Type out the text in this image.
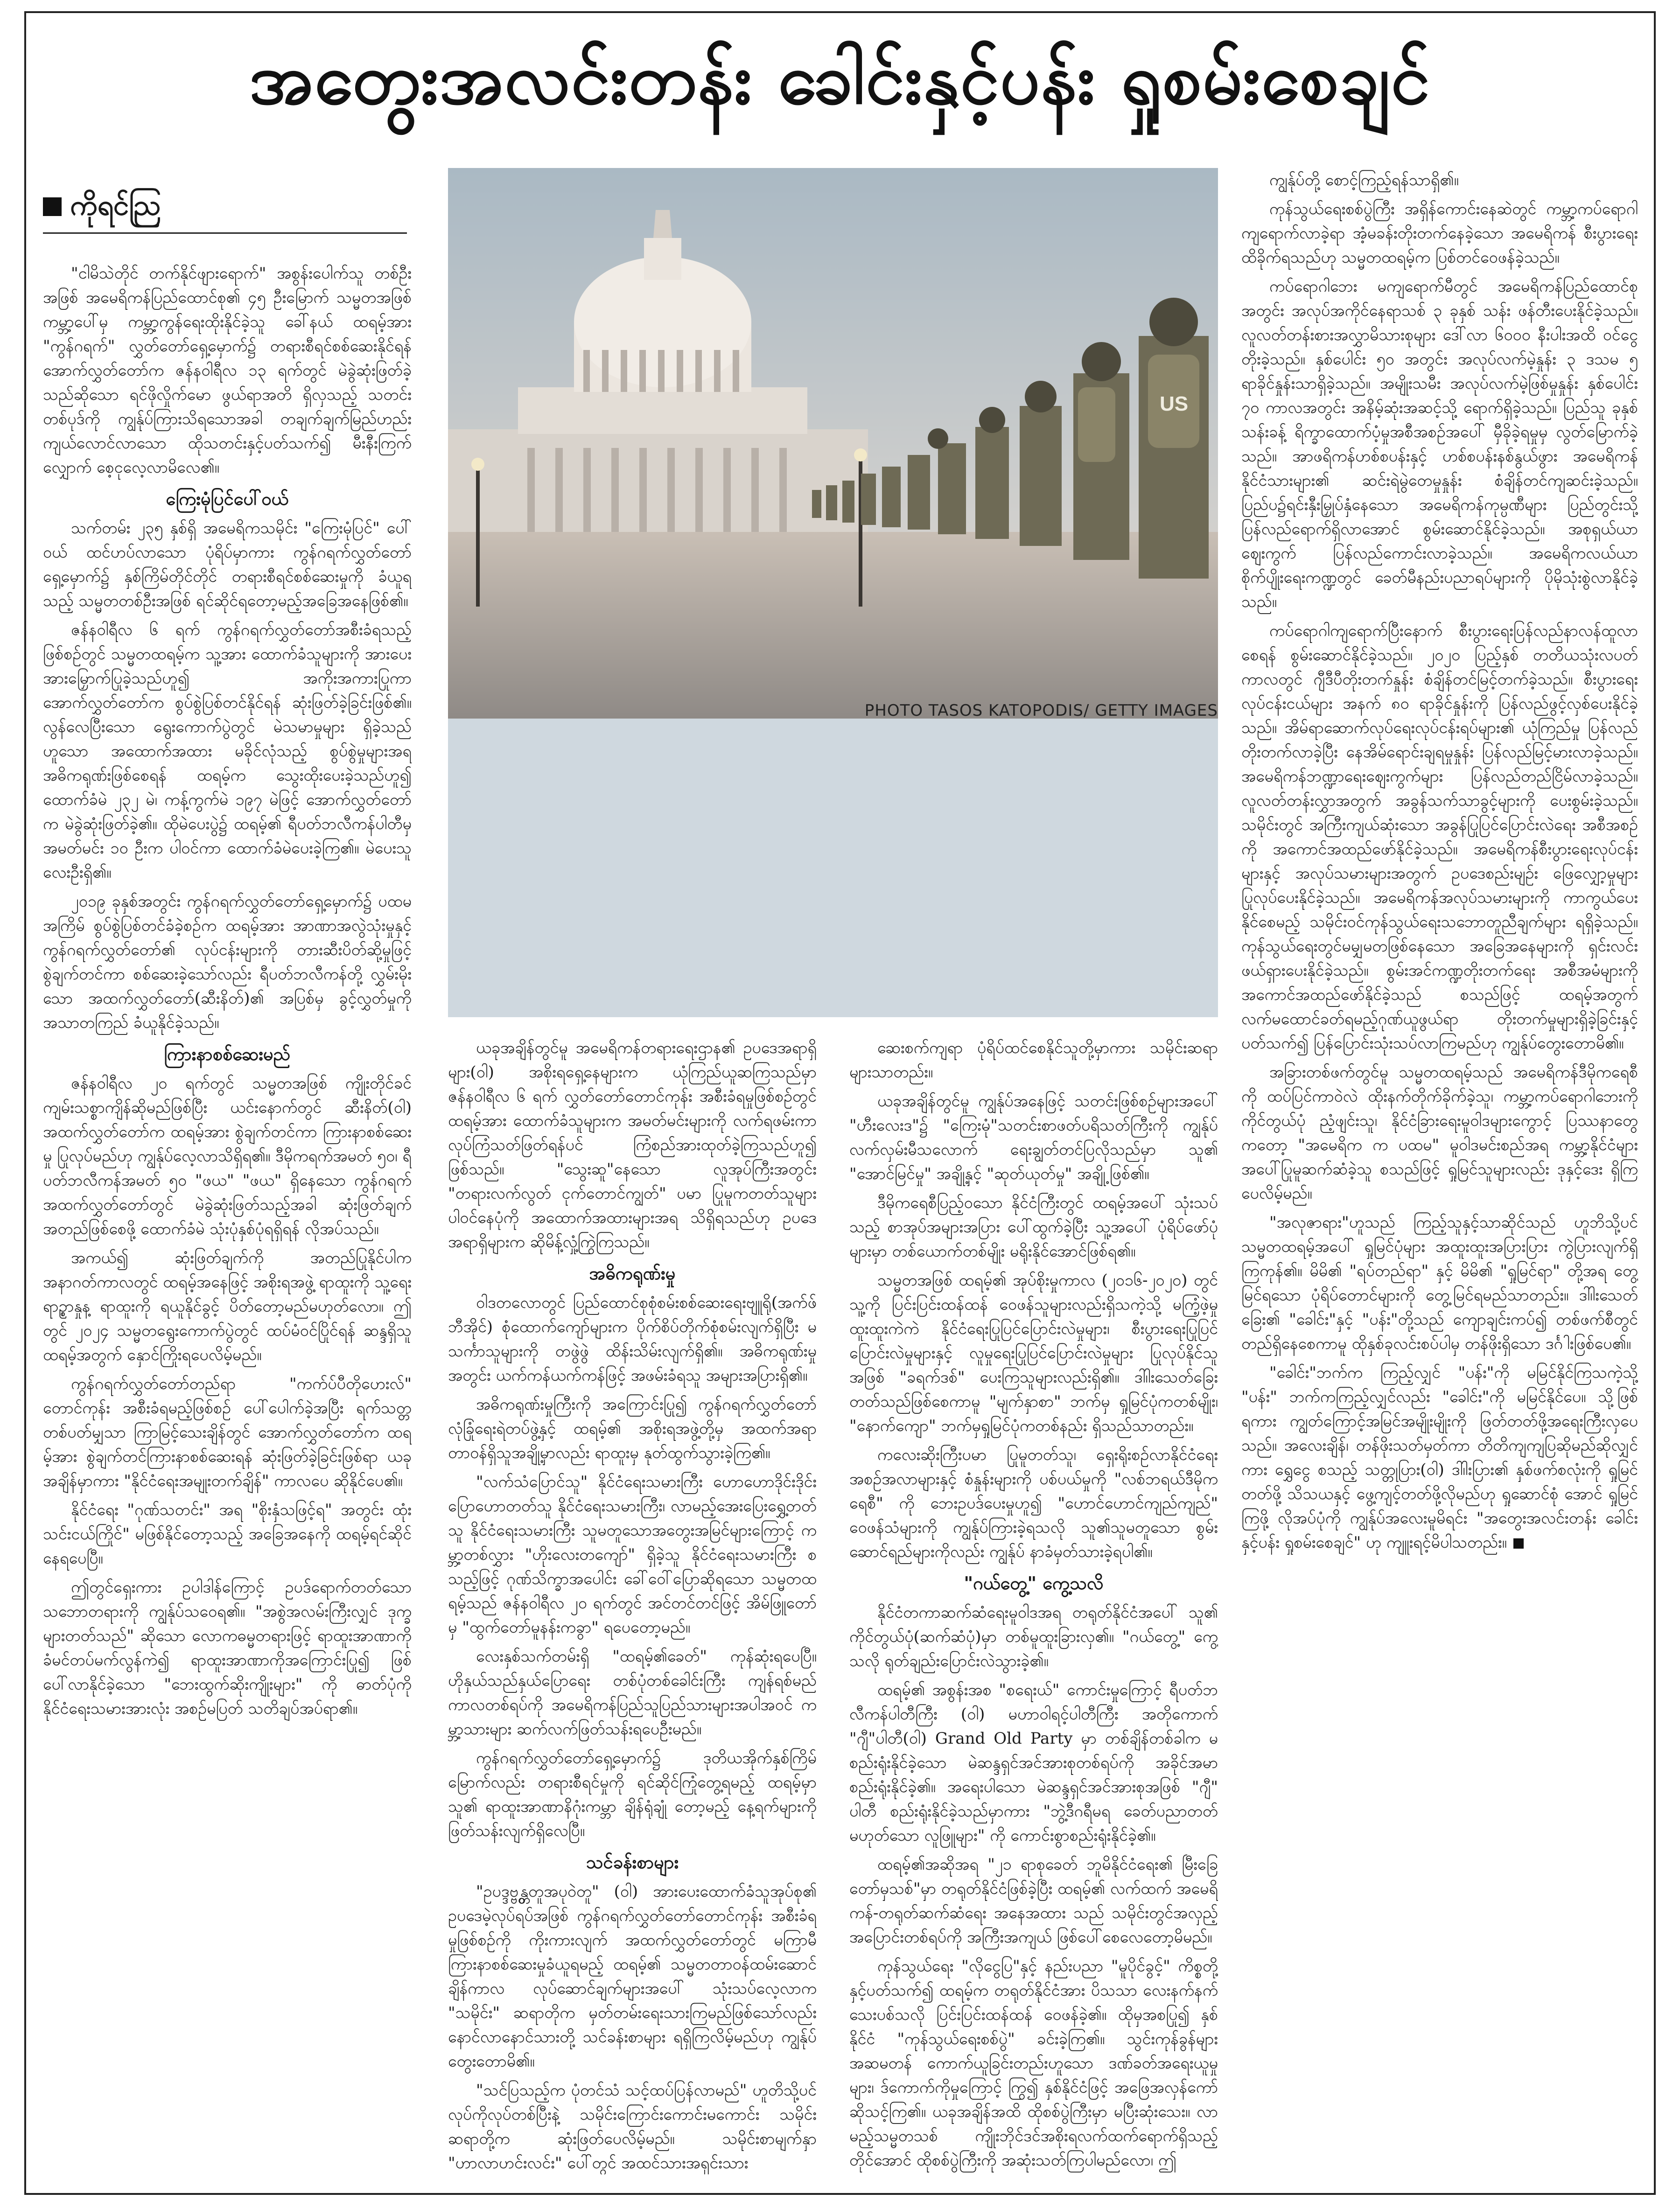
အတွေးအလင်းတန်း ခေါင်းနှင့်ပန်း ရှုစမ်းစေချင်
ကိုရင်ညြ
US
PHOTO TASOS KATOPODIS/ GETTY IMAGES

"ငါမိသဲတိုင် တက်နိုင်ဖျားရောက်" အစွန်းပေါက်သူ တစ်ဦးအဖြစ် အမေရိကန်ပြည်ထောင်စု၏ ၄၅ ဦးမြောက် သမ္မတအဖြစ် ကမ္ဘာ့ပေါ်မှ ကမ္ဘာ့ကွန်ရေးထိုးနိုင်ခဲ့သူ ခေါ်နယ် ထရမ့်အား "ကွန်ဂရက်" လွှတ်တော်ရှေ့မှောက်၌ တရားစီရင်စစ်ဆေးနိုင်ရန် အောက်လွှတ်တော်က ဇန်နဝါရီလ ၁၃ ရက်တွင် မဲခွဲဆုံးဖြတ်ခဲ့သည်ဆိုသော ရင်ဖိုလှိုက်မော ဖွယ်ရာအတိ ရှိလှသည့် သတင်းတစ်ပုဒ်ကို ကျွန်ုပ်ကြားသိရသောအခါ တချက်ချက်မြည်ဟည်းကျယ်လောင်လာသော ထိုသတင်းနှင့်ပတ်သက်၍ မီးနီးကြက်လျှောက် စေ့ငုလေ့လာမိလေ၏။

ကြေးမုံပြင်ပေါ်ဝယ်

သက်တမ်း ၂၃၅ နှစ်ရှိ အမေရိကသမိုင်း "ကြေးမုံပြင်" ပေါ်ဝယ် ထင်ဟပ်လာသော ပုံရိပ်မှာကား ကွန်ဂရက်လွှတ်တော်ရှေ့မှောက်၌ နှစ်ကြိမ်တိုင်တိုင် တရားစီရင်စစ်ဆေးမှုကို ခံယူရသည့် သမ္မတတစ်ဦးအဖြစ် ရင်ဆိုင်ရတော့မည့်အခြေအနေဖြစ်၏။

ဇန်နဝါရီလ ၆ ရက် ကွန်ဂရက်လွှတ်တော်အစီးခံရသည့်ဖြစ်စဉ်တွင် သမ္မတထရမ့်က သူ့အား ထောက်ခံသူများကို အားပေးအားမြှောက်ပြုခဲ့သည်ဟူ၍ အကိုးအကားပြုကာ အောက်လွှတ်တော်က စွပ်စွဲပြစ်တင်နိုင်ရန် ဆုံးဖြတ်ခဲ့ခြင်းဖြစ်၏။ လွန်လေပြီးသော ရွေးကောက်ပွဲတွင် မဲသမာမှုများ ရှိခဲ့သည်ဟူသော အထောက်အထား မခိုင်လုံသည့် စွပ်စွဲမှုများအရ အဓိကရုဏ်းဖြစ်စေရန် ထရမ့်က သွေးထိုးပေးခဲ့သည်ဟူ၍ ထောက်ခံမဲ ၂၃၂ မဲ၊ ကန့်ကွက်မဲ ၁၉၇ မဲဖြင့် အောက်လွှတ်တော်က မဲခွဲဆုံးဖြတ်ခဲ့၏။ ထိုမဲပေးပွဲ၌ ထရမ့်၏ ရီပတ်ဘလီကန်ပါတီမှ အမတ်မင်း ၁၀ ဦးက ပါဝင်ကာ ထောက်ခံမဲပေးခဲ့ကြ၏။ မဲပေးသူလေးဦးရှိ၏။

၂၀၁၉ ခုနှစ်အတွင်း ကွန်ဂရက်လွှတ်တော်ရှေ့မှောက်၌ ပထမအကြိမ် စွပ်စွဲပြစ်တင်ခံခဲ့စဉ်က ထရမ့်အား အာဏာအလွဲသုံးမှုနှင့် ကွန်ဂရက်လွှတ်တော်၏ လုပ်ငန်းများကို တားဆီးပိတ်ဆို့မှုဖြင့် စွဲချက်တင်ကာ စစ်ဆေးခဲ့သော်လည်း ရီပတ်ဘလီကန်တို့ လွှမ်းမိုးသော အထက်လွှတ်တော်(ဆီးနိတ်)၏ အပြစ်မှ ခွင့်လွှတ်မှုကို အသာတကြည် ခံယူနိုင်ခဲ့သည်။

ကြားနာစစ်ဆေးမည်

ဇန်နဝါရီလ ၂၀ ရက်တွင် သမ္မတအဖြစ် ကျိုးတိုင်ခင်ကျမ်းသစ္စာကျိန်ဆိုမည်ဖြစ်ပြီး ယင်းနောက်တွင် ဆီးနိတ်(ဝါ) အထက်လွှတ်တော်က ထရမ့်အား စွဲချက်တင်ကာ ကြားနာစစ်ဆေးမှု ပြုလုပ်မည်ဟု ကျွန်ုပ်လေ့လာသိရှိရ၏။ ဒီမိုကရက်အမတ် ၅၀၊ ရီပတ်ဘလီကန်အမတ် ၅၀ "ဖယ" "ဖယ" ရှိနေသော ကွန်ဂရက်အထက်လွှတ်တော်တွင် မဲခွဲဆုံးဖြတ်သည့်အခါ ဆုံးဖြတ်ချက်အတည်ဖြစ်စေဖို့ ထောက်ခံမဲ သုံးပုံနှစ်ပုံရရှိရန် လိုအပ်သည်။

အကယ်၍ ဆုံးဖြတ်ချက်ကို အတည်ပြုနိုင်ပါက အနာဂတ်ကာလတွင် ထရမ့်အနေဖြင့် အစိုးရအဖွဲ့ ရာထူးကို သူ့ရေးရာဥ္စာနှုန့ ရာထူးကို ရယူနိုင်ခွင့် ပိတ်တော့မည်မဟုတ်လော။ ဤတွင် ၂၀၂၄ သမ္မတရွေးကောက်ပွဲတွင် ထပ်မံဝင်ပြိုင်ရန် ဆန္ဒရှိသူထရမ့်အတွက် နှောင်ကြိုးရပေလိမ့်မည်။

ကွန်ဂရက်လွှတ်တော်တည်ရာ "ကက်ပ်ပီတိုဟေးလ်" တောင်ကုန်း အစီးခံရမည့်ဖြစ်စဉ် ပေါ်ပေါက်ခဲ့အပြီး ရက်သတ္တတစ်ပတ်မျှသာ ကြာမြင့်သေးချိန်တွင် အောက်လွှတ်တော်က ထရမ့်အား စွဲချက်တင်ကြားနာစစ်ဆေးရန် ဆုံးဖြတ်ခဲ့ခြင်းဖြစ်ရာ ယခုအချိန်မှာကား "နိုင်ငံရေးအမျုးတက်ချိန်" ကာလပေ ဆိုနိုင်ပေ၏။

နိုင်ငံရေး "ဂုဏ်သတင်း" အရ "စိုးနှံသဖြင့်ရ" အတွင်း ထုံးသင်းငယ်ကြိုင်" မဖြစ်နိုင်တော့သည့် အခြေအနေကို ထရမ့်ရင်ဆိုင်နေရပေပြီ။

ဤတွင်ရှေးကား ဥပါဒါန်ကြောင့် ဥပဒ်ရောက်တတ်သော သဘောတရားကို ကျွန်ုပ်သဝေရ၏။ "အစွဲအလမ်းကြီးလျှင် ဒုက္ခများတတ်သည်" ဆိုသော လောကဓမ္မတရားဖြင့် ရာထူးအာဏာကို ခံမင်တပ်မက်လွန်ကဲ၍ ရာထူးအာဏာကိုအကြောင်းပြု၍ ဖြစ်ပေါ်လာနိုင်ခဲ့သော "ဘေးထွက်ဆိုးကျိုးများ" ကို ဓာတ်ပုံကို နိုင်ငံရေးသမားအားလုံး အစဉ်မပြတ် သတိချပ်အပ်ရာ၏။

ယခုအချိန်တွင်မူ အမေရိကန်တရားရေးဌာန၏ ဥပဒေအရာရှိများ(ဝါ) အစိုးရရှေ့နေများက ယုံကြည်ယူဆကြသည်မှာ ဇန်နဝါရီလ ၆ ရက် လွှတ်တော်တောင်ကုန်း အစီးခံရမှုဖြစ်စဉ်တွင် ထရမ့်အား ထောက်ခံသူများက အမတ်မင်းများကို လက်ရဖမ်းကာ လုပ်ကြံသတ်ဖြတ်ရန်ပင် ကြံစည်အားထုတ်ခဲ့ကြသည်ဟူ၍ ဖြစ်သည်။ "သွေးဆူ"နေသော လူအုပ်ကြီးအတွင်း "တရားလက်လွတ် ငုက်တောင်ကျွတ်" ပမာ ပြုမူကတတ်သူများ ပါဝင်နေပုံကို အထောက်အထားများအရ သိရှိရသည်ဟု ဥပဒေအရာရှိများက ဆိုမိန့်လှုံ့ကြွဲကြသည်။

အဓိကရုဏ်းမှု

ဝါဒတလောတွင် ပြည်ထောင်စုစုံစမ်းစစ်ဆေးရေးဗျူရို(အက်ဖ်ဘီအိုင်) စုံထောက်ကျော်များက ပိုက်စိပ်တိုက်စုံစမ်းလျက်ရှိပြီး မသင်္ကာသူများကို တဖွဲဖွဲ ထိန်းသိမ်းလျက်ရှိ၏။ အဓိကရုဏ်းမှုအတွင်း ယက်ကန်ယက်ကန်ဖြင့် အဖမ်းခံရသူ အများအပြားရှိ၏။

အဓိကရုဏ်းမှုကြီးကို အကြောင်းပြု၍ ကွန်ဂရက်လွှတ်တော်လုံခြုံရေးရဲတပ်ဖွဲ့နှင့် ထရမ့်၏ အစိုးရအဖွဲ့တို့မှ အထက်အရာတာဝန်ရှိသူအချို့မှာလည်း ရာထူးမှ နုတ်ထွက်သွားခဲ့ကြ၏။

"လက်သံပြောင်သူ" နိုင်ငံရေးသမားကြီး ဟောဟောဒိုင်းဒိုင်းပြောဟောတတ်သူ နိုင်ငံရေးသမားကြီး၊ လာမည့်အေးပြေးရွှေ့တတ်သူ နိုင်ငံရေးသမားကြီး သူမတူသောအတွေးအမြင်များကြောင့် ကမ္ဘာ့တစ်လွှား "ဟိုးလေးတကျော်" ရှိခဲ့သူ နိုင်ငံရေးသမားကြီး စသည့်ဖြင့် ဂုဏ်သိက္ခာအပေါင်း ခေါ်ဝေါ်ပြောဆိုရသော သမ္မတထရမ့်သည် ဇန်နဝါရီလ ၂၀ ရက်တွင် အင်တင်တင်ဖြင့် အိမ်ဖြူတော်မှ "ထွက်တော်မူနန်းကခွာ" ရပေတော့မည်။

လေးနှစ်သက်တမ်းရှိ "ထရမ့်၏ခေတ်" ကုန်ဆုံးရပေပြီ။ ဟိုနှယ်သည်နှယ်ပြောရေး တစ်ပုံတစ်ခေါင်းကြီး ကျန်ရစ်မည် ကာလတစ်ရပ်ကို အမေရိကန်ပြည်သူပြည်သားများအပါအဝင် ကမ္ဘာ့သားများ ဆက်လက်ဖြတ်သန်းရပေဦးမည်။

ကွန်ဂရက်လွှတ်တော်ရှေ့မှောက်၌ ဒုတိယအိုက်နှစ်ကြိမ်မြောက်လည်း တရားစီရင်မှုကို ရင်ဆိုင်ကြုံတွေ့ရမည့် ထရမ့်မှာ သူ၏ ရာထူးအာဏာနိဂုံးကမ္ဘာ ချိန်ရုံချုံ တော့မည့် နေ့ရက်များကို ဖြတ်သန်းလျက်ရှိလေပြီ။

သင်ခန်းစာများ

"ဥပဒ္ဒဗ္ဗွန္တတူအပုဝဲတူ" (ဝါ) အားပေးထောက်ခံသူအုပ်စု၏ ဥပဒေမဲ့လုပ်ရပ်အဖြစ် ကွန်ဂရက်လွှတ်တော်တောင်ကုန်း အစီးခံရမှုဖြစ်စဉ်ကို ကိုးကားလျက် အထက်လွှတ်တော်တွင် မကြာမီ ကြားနာစစ်ဆေးမှုခံယူရမည့် ထရမ့်၏ သမ္မတတာဝန်ထမ်းဆောင်ချိန်ကာလ လုပ်ဆောင်ချက်များအပေါ် သုံးသပ်လေ့လာက "သမိုင်း" ဆရာတိုက မှတ်တမ်းရေးသားကြမည်ဖြစ်သော်လည်း နောင်လာနောင်သားတို့ သင်ခန်းစာများ ရရှိကြလိမ့်မည်ဟု ကျွန်ုပ်တွေးတောမိ၏။

"သင်ပြသည့်က ပုံတင်သံ သင့်ထပ်ပြန်လာမည်" ဟူတိသို့ပင် လုပ်ကိုလုပ်တစ်ပြီးနဲ့ သမိုင်းကြောင်းကောင်းမကောင်း သမိုင်းဆရာတို့က ဆုံးဖြတ်ပေလိမ့်မည်။ သမိုင်းစာမျက်နှာ "ဟာလာဟင်းလင်း" ပေါ်တွင် အထင်သားအရှင်းသား

ဆေးစက်ကျရာ ပုံရိပ်ထင်စေနိုင်သူတို့မှာကား သမိုင်းဆရာများသာတည်း။

ယခုအချိန်တွင်မူ ကျွန်ုပ်အနေဖြင့် သတင်းဖြစ်စဉ်များအပေါ် "ဟီးလေးဒ"၌ "ကြေးမုံ"သတင်းစာဖတ်ပရိသတ်ကြီးကို ကျွန်ုပ်လက်လှမ်းမီသလောက် ရေးချွတ်တင်ပြလိုသည်မှာ သူ၏ "အောင်မြင်မှု" အချို့နှင့် "ဆုတ်ယုတ်မှု" အချို့ဖြစ်၏။

ဒီမိုကရေစီပြည့်ဝသော နိုင်ငံကြီးတွင် ထရမ့်အပေါ် သုံးသပ်သည့် စာအုပ်အများအပြား ပေါ်ထွက်ခဲ့ပြီး သူ့အပေါ် ပုံရိပ်ဖော်ပုံများမှာ တစ်ယောက်တစ်မျိုး မရိုးနိုင်အောင်ဖြစ်ရ၏။

သမ္မတအဖြစ် ထရမ့်၏ အုပ်စိုးမှုကာလ (၂၀၁၆-၂၀၂၀) တွင် သူ့ကို ပြင်းပြင်းထန်ထန် ဝေဖန်သူများလည်းရှိသကဲ့သို့ မကြံ့ဖဲ့မှု ထူးထူးကဲကဲ နိုင်ငံရေးပြုပြင်ပြောင်းလဲမှုများ၊ စီးပွားရေးပြုပြင်ပြောင်းလဲမှုများနှင့် လူမှုရေးပြုပြင်ပြောင်းလဲမှုများ ပြုလုပ်နိုင်သူအဖြစ် "ခရက်ဒစ်" ပေးကြသူများလည်းရှိ၏။ ဒါ၊ါးသေတ်ခြေးတတ်သည်ဖြစ်စေကာမူ "မျက်နှာစာ" ဘက်မှ ရှုမြင်ပုံကတစ်မျိုး၊ "နောက်ကျော" ဘက်မှရှုမြင်ပုံကတစ်နည်း ရှိသည်သာတည်း။

ကလေးဆိုးကြီးပမာ ပြုမူတတ်သူ၊ ရှေးရိုးစဉ်လာနိုင်ငံရေးအစဉ်အလာများနှင့် စံနှုန်းများကို ပစ်ပယ်မှုကို "လစ်ဘရယ်ဒီမိုကရေစီ" ကို ဘေးဥပဒ်ပေးမှုဟူ၍ "ဟောင်ဟောင်ကျည်ကျည်" ဝေဖန်သံများကို ကျွန်ုပ်ကြားခဲ့ရသလို သူ၏သူမတူသော စွမ်းဆောင်ရည်များကိုလည်း ကျွန်ုပ် နာခံမှတ်သားခဲ့ရပါ၏။

"ဂယ်တွေ့" ကွေ့သလိ

နိုင်ငံတကာဆက်ဆံရေးမူဝါဒအရ တရုတ်နိုင်ငံအပေါ် သူ၏ ကိုင်တွယ်ပုံ(ဆက်ဆံပုံ)မှာ တစ်မူထူးခြားလှ၏။ "ဂယ်တွေ့" ကွေ့သလို ရုတ်ချည်းပြောင်းလဲသွားခဲ့၏။

ထရမ့်၏ အစွန်းအစ "စရေးယ်" ကောင်းမှုကြောင့် ရီပတ်ဘလီကန်ပါတီကြီး (ဝါ) မဟာဝါရင့်ပါတီကြီး အတိုကောက် "ဂျီ"ပါတီ(ဝါ) Grand Old Party မှာ တစ်ချိန်တစ်ခါက မစည်းရုံးနိုင်ခဲ့သော မဲဆန္ဒရှင်အင်အားစုတစ်ရပ်ကို အခိုင်အမာစည်းရုံးနိုင်ခဲ့၏။ အရေးပါသော မဲဆန္ဒရှင်အင်အားစုအဖြစ် "ဂျီ" ပါတီ စည်းရုံးနိုင်ခဲ့သည်မှာကား "ဘွဲ့ဒီဂရီမရ ခေတ်ပညာတတ်မဟုတ်သော လူဖြူများ" ကို ကောင်းစွာစည်းရုံးနိုင်ခဲ့၏။

ထရမ့်၏အဆိုအရ "၂၁ ရာစုခေတ် ဘူမိနိုင်ငံရေး၏ မြီးခြေတော်မှသစ်"မှာ တရုတ်နိုင်ငံဖြစ်ခဲ့ပြီး ထရမ့်၏ လက်ထက် အမေရိကန်-တရုတ်ဆက်ဆံရေး အနေအထား သည် သမိုင်းတွင်အလှည့်အပြောင်းတစ်ရပ်ကို အကြီးအကျယ် ဖြစ်ပေါ်စေလေတော့မိမည်။

ကုန်သွယ်ရေး "လိုငွေပြ"နှင့် နည်းပညာ "မူပိုင်ခွင့်" ကိစ္စတို့နှင့်ပတ်သက်၍ ထရမ့်က တရုတ်နိုင်ငံအား ပိသသာ လေးနက်နက်သေးပစ်သလို ပြင်းပြင်းထန်ထန် ဝေဖန်ခဲ့၏။ ထိုမှအစပြု၍ နှစ်နိုင်ငံ "ကုန်သွယ်ရေးစစ်ပွဲ" ခင်းခဲ့ကြ၏။ သွင်းကုန်ခွန်များ အဆမတန် ကောက်ယူခြင်းတည်းဟူသော ဒဏ်ခတ်အရေးယူမှုများ၊ ဒ်ကောက်ကိုမှုကြောင့် ကြွ၍ နှစ်နိုင်ငံဖြင့် အဖြေအလှန်ကော်ဆိုသင့်ကြ၏။ ယခုအချိန်အထိ ထိုစစ်ပွဲကြီးမှာ မပြီးဆုံးသေး။ လာမည့်သမ္မတသစ် ကျိုးဘိုင်ဒင်အစိုးရလက်ထက်ရောက်ရှိသည့်တိုင်အောင် ထိုစစ်ပွဲကြီးကို အဆုံးသတ်ကြပါမည်လော၊ ဤ

ကျွန်ုပ်တို့ စောင့်ကြည့်ရန်သာရှိ၏။

ကုန်သွယ်ရေးစစ်ပွဲကြီး အရှိန်ကောင်းနေဆဲတွင် ကမ္ဘာ့ကပ်ရောဂါ ကျရောက်လာခဲ့ရာ အံ့မခန်းတိုးတက်နေခဲ့သော အမေရိကန် စီးပွားရေးထိခိုက်ရသည်ဟု သမ္မတထရမ့်က ပြစ်တင်ဝေဖန်ခဲ့သည်။

ကပ်ရောဂါဘေး မကျရောက်မီတွင် အမေရိကန်ပြည်ထောင်စုအတွင်း အလုပ်အကိုင်နေရာသစ် ၃ ခုနှစ် သန်း ဖန်တီးပေးနိုင်ခဲ့သည်။ လူလတ်တန်းစားအလွှာမိသားစုများ ဒေါ်လာ ၆၀၀၀ နီးပါးအထိ ဝင်ငွေတိုးခဲ့သည်။ နှစ်ပေါင်း ၅၀ အတွင်း အလုပ်လက်မဲ့နှုန်း ၃ ဒသမ ၅ ရာခိုင်နှုန်းသာရှိခဲ့သည်။ အမျိုးသမီး အလုပ်လက်မဲ့ဖြစ်မှုနှုန်း နှစ်ပေါင်း ၇၀ ကာလအတွင်း အနိမ့်ဆုံးအဆင့်သို့ ရောက်ရှိခဲ့သည်။ ပြည်သူ ခုနှစ်သန်းခန့် ရိက္ခာထောက်ပံ့မှုအစီအစဉ်အပေါ် မှီခိုခဲ့ရမှုမှ လွတ်မြောက်ခဲ့သည်။ အာဖရိကန်ဟစ်စပန်းနှင့် ဟစ်စပန်းနစ်နွယ်ဖွား အမေရိကန်နိုင်ငံသားများ၏ ဆင်းရဲမွဲတေမှုနှုန်း စံချိန်တင်ကျဆင်းခဲ့သည်။ ပြည်ပ၌ရင်းနှီးမြှုပ်နှံနေသော အမေရိကန်ကုမ္ပဏီများ ပြည်တွင်းသို့ ပြန်လည်ရောက်ရှိလာအောင် စွမ်းဆောင်နိုင်ခဲ့သည်။ အစုရှယ်ယာဈေးကွက် ပြန်လည်ကောင်းလာခဲ့သည်။ အမေရိကလယ်ယာစိုက်ပျိုးရေးကဏ္ဍတွင် ခေတ်မီနည်းပညာရပ်များကို ပိုမိုသုံးစွဲလာနိုင်ခဲ့သည်။

ကပ်ရောဂါကျရောက်ပြီးနောက် စီးပွားရေးပြန်လည်နာလန်ထူလာစေရန် စွမ်းဆောင်နိုင်ခဲ့သည်။ ၂၀၂၀ ပြည့်နှစ် တတိယသုံးလပတ်ကာလတွင် ဂျီဒီပီတိုးတက်နှုန်း စံချိန်တင်မြင့်တက်ခဲ့သည်။ စီးပွားရေးလုပ်ငန်းငယ်များ အနက် ၈၀ ရာခိုင်နှုန်းကို ပြန်လည်ဖွင့်လှစ်ပေးနိုင်ခဲ့သည်။ အိမ်ရာဆောက်လုပ်ရေးလုပ်ငန်းရပ်များ၏ ယုံကြည်မှု ပြန်လည်တိုးတက်လာခဲ့ပြီး နေအိမ်ရောင်းချရမှုနှုန်း ပြန်လည်မြင့်မားလာခဲ့သည်။ အမေရိကန်ဘဏ္ဍာရေးဈေးကွက်များ ပြန်လည်တည်ငြိမ်လာခဲ့သည်။ လူလတ်တန်းလွှာအတွက် အခွန်သက်သာခွင့်များကို ပေးစွမ်းခဲ့သည်။ သမိုင်းတွင် အကြီးကျယ်ဆုံးသော အခွန်ပြုပြင်ပြောင်းလဲရေး အစီအစဉ်ကို အကောင်အထည်ဖော်နိုင်ခဲ့သည်။ အမေရိကန်စီးပွားရေးလုပ်ငန်းများနှင့် အလုပ်သမားများအတွက် ဥပဒေစည်းမျဉ်း ဖြေလျှော့မှုများ ပြုလုပ်ပေးနိုင်ခဲ့သည်။ အမေရိကန်အလုပ်သမားများကို ကာကွယ်ပေးနိုင်စေမည့် သမိုင်းဝင်ကုန်သွယ်ရေးသဘောတူညီချက်များ ရရှိခဲ့သည်။ ကုန်သွယ်ရေးတွင်မမျှမတဖြစ်နေသော အခြေအနေများကို ရှင်းလင်းဖယ်ရှားပေးနိုင်ခဲ့သည်။ စွမ်းအင်ကဏ္ဍတိုးတက်ရေး အစီအမံများကို အကောင်အထည်ဖော်နိုင်ခဲ့သည် စသည်ဖြင့် ထရမ့်အတွက် လက်မထောင်ခတ်ရမည့်ဂုဏ်ယူဖွယ်ရာ တိုးတက်မှုများရှိခဲ့ခြင်းနှင့် ပတ်သက်၍ ပြန်ပြောင်းသုံးသပ်လာကြမည်ဟု ကျွန်ုပ်တွေးတောမိ၏။

အခြားတစ်ဖက်တွင်မူ သမ္မတထရမ့်သည် အမေရိကန်ဒီမိုကရေစီကို ထပ်ပြင်ကာဝဲလဲ ထိုးနက်တိုက်ခိုက်ခဲ့သူ၊ ကမ္ဘာ့ကပ်ရောဂါဘေးကို ကိုင်တွယ်ပုံ ညံ့ဖျင်းသူ၊ နိုင်ငံခြားရေးမူဝါဒများကွောင့် ပြဿနာတွေကတော့ "အမေရိက က ပထမ" မူဝါဒမင်းစည်အရ ကမ္ဘာ့နိုင်ငံများအပေါ်ပြုမူဆက်ဆံခဲ့သူ စသည်ဖြင့် ရှုမြင်သူများလည်း ဒုနှင့်ဒေး ရှိကြပေလိမ့်မည်။

"အလုဇာရား"ဟူသည် ကြည့်သူနှင့်သာဆိုင်သည် ဟူဘိသို့ပင် သမ္မတထရမ့်အပေါ် ရှုမြင်ပုံများ အထူးထူးအပြားပြား ကွဲပြားလျက်ရှိကြကုန်၏။ မိမိ၏ "ရပ်တည်ရာ" နှင့် မိမိ၏ "ရှုမြင်ရာ" တို့အရ တွေ့မြင်ရသော ပုံရိပ်တောင်များကို တွေ့မြင်ရမည်သာတည်း။ ဒါ၊ါးသေတ်ခြေး၏ "ခေါင်း"နှင့် "ပန်း"တို့သည် ကျောချင်းကပ်၍ တစ်ဖက်စီတွင် တည်ရှိနေစေကာမူ ထိုနှစ်ခုလင်းစပ်ပါမှ တန်ဖိုးရှိသော ဒင်္ဂါးဖြစ်ပေ၏။

"ခေါင်း"ဘက်က ကြည့်လျှင် "ပန်း"ကို မမြင်နိုင်ကြသကဲ့သို့ "ပန်း" ဘက်ကကြည့်လျှင်လည်း "ခေါင်း"ကို မမြင်နိုင်ပေ။ သို့ဖြစ်ရကား ကျွတ်ကြောင့်အမြင်အမျိုးမျိုးကို ဖြတ်တတ်ဖို့အရေးကြီးလှပေသည်။ အလေးချိန်၊ တန်ဖိုးသတ်မှတ်ကာ တိတိကျကျပြဆိုမည်ဆိုလျှင်ကား ရွှေငွေ စသည့် သတ္တုပြား(ဝါ) ဒါ၊ါးပြား၏ နှစ်ဖက်စလုံးကို ရှုမြင်တတ်ဖို့ သိသယနှင့် ဖွေ့ကျင့်တတ်ဖို့လိုမည်ဟု ရှုဆောင်စုံ အောင် ရှုမြင်ကြဖို့ လိုအပ်ပုံကို ကျွန်ုပ်အလေးမူမိရင်း "အတွေးအလင်းတန်း ခေါင်းနှင့်ပန်း ရှုစမ်းစေချင်" ဟု ကျူးရင့်မိပါသတည်း။
